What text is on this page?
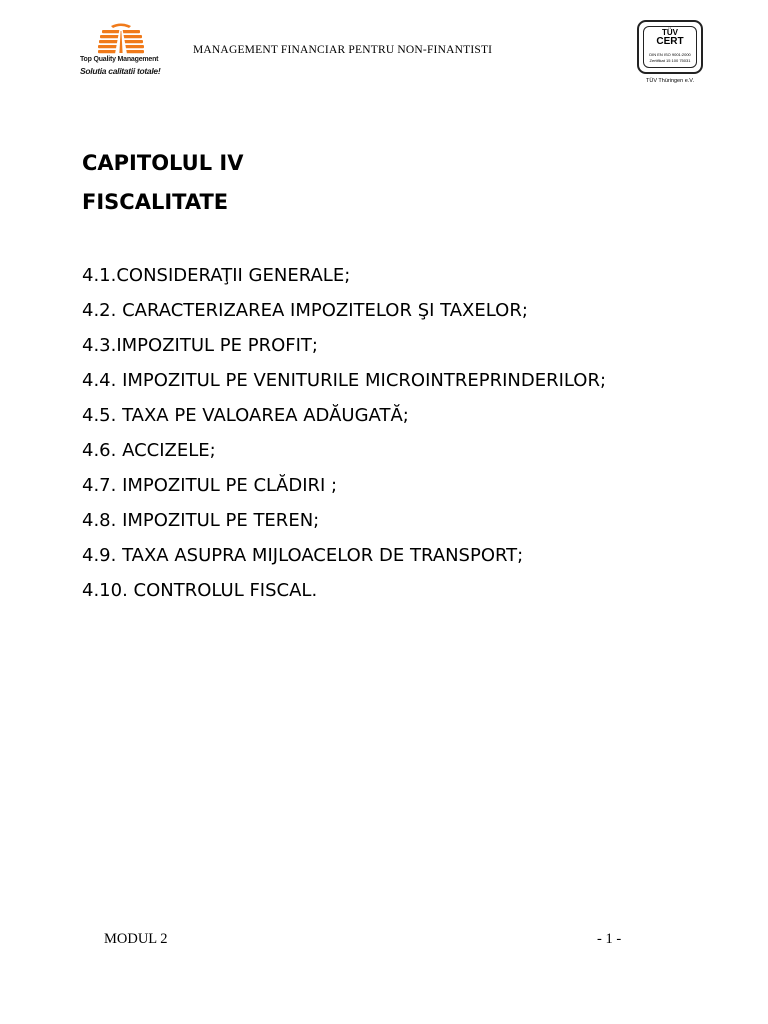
Top Quality Management
Solutia calitatii totale!
MANAGEMENT FINANCIAR PENTRU NON-FINANTISTI
TÜV
CERT
DIN EN ISO 9001:2000
Zertifikat 15 100 75031
TÜV Thüringen e.V.
CAPITOLUL IV
FISCALITATE
4.1.CONSIDERAŢII GENERALE;
4.2. CARACTERIZAREA IMPOZITELOR ŞI TAXELOR;
4.3.IMPOZITUL PE PROFIT;
4.4. IMPOZITUL PE VENITURILE MICROINTREPRINDERILOR;
4.5. TAXA PE VALOAREA ADĂUGATĂ;
4.6. ACCIZELE;
4.7. IMPOZITUL PE CLĂDIRI ;
4.8. IMPOZITUL PE TEREN;
4.9. TAXA ASUPRA MIJLOACELOR DE TRANSPORT;
4.10. CONTROLUL FISCAL.
MODUL 2	- 1 -
